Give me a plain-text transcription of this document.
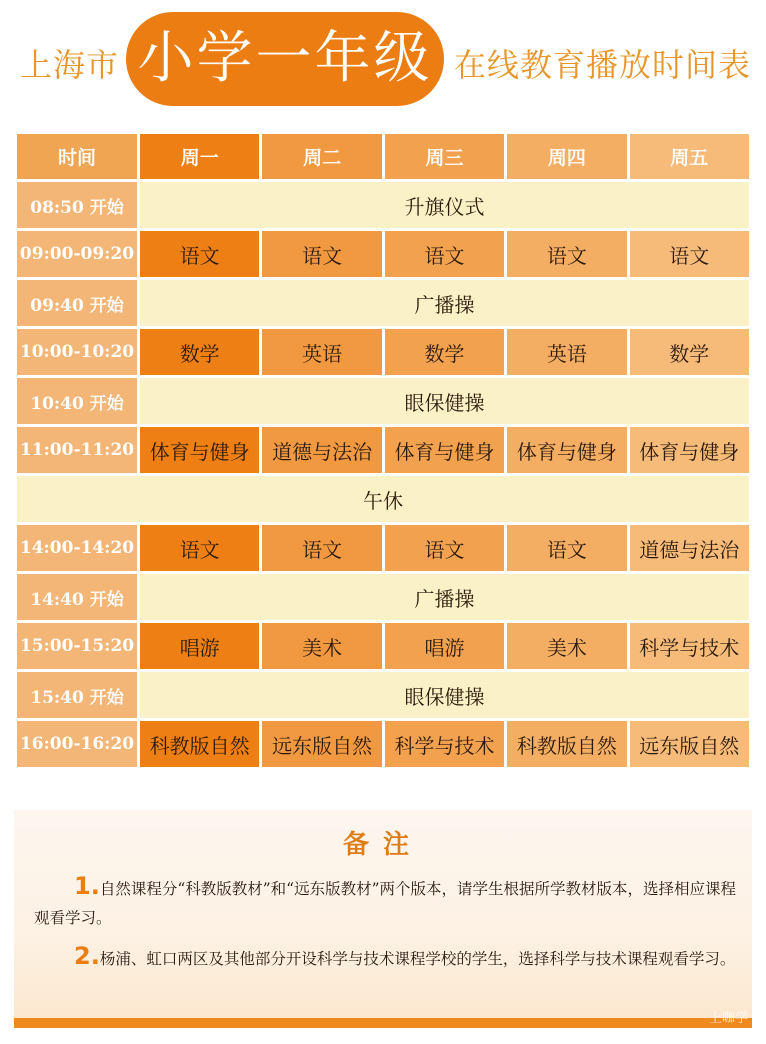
上海市 小学一年级 在线教育播放时间表
时间	周一	周二	周三	周四	周五
08:50 开始	升旗仪式				
09:00-09:20	语文	语文	语文	语文	语文
09:40 开始	广播操				
10:00-10:20	数学	英语	数学	英语	数学
10:40 开始	眼保健操				
11:00-11:20	体育与健身	道德与法治	体育与健身	体育与健身	体育与健身
午休					
14:00-14:20	语文	语文	语文	语文	道德与法治
14:40 开始	广播操				
15:00-15:20	唱游	美术	唱游	美术	科学与技术
15:40 开始	眼保健操				
16:00-16:20	科教版自然	远东版自然	科学与技术	科教版自然	远东版自然
备注
1.自然课程分“科教版教材”和“远东版教材”两个版本，请学生根据所学教材版本，选择相应课程观看学习。
2.杨浦、虹口两区及其他部分开设科学与技术课程学校的学生，选择科学与技术课程观看学习。
上咖学
